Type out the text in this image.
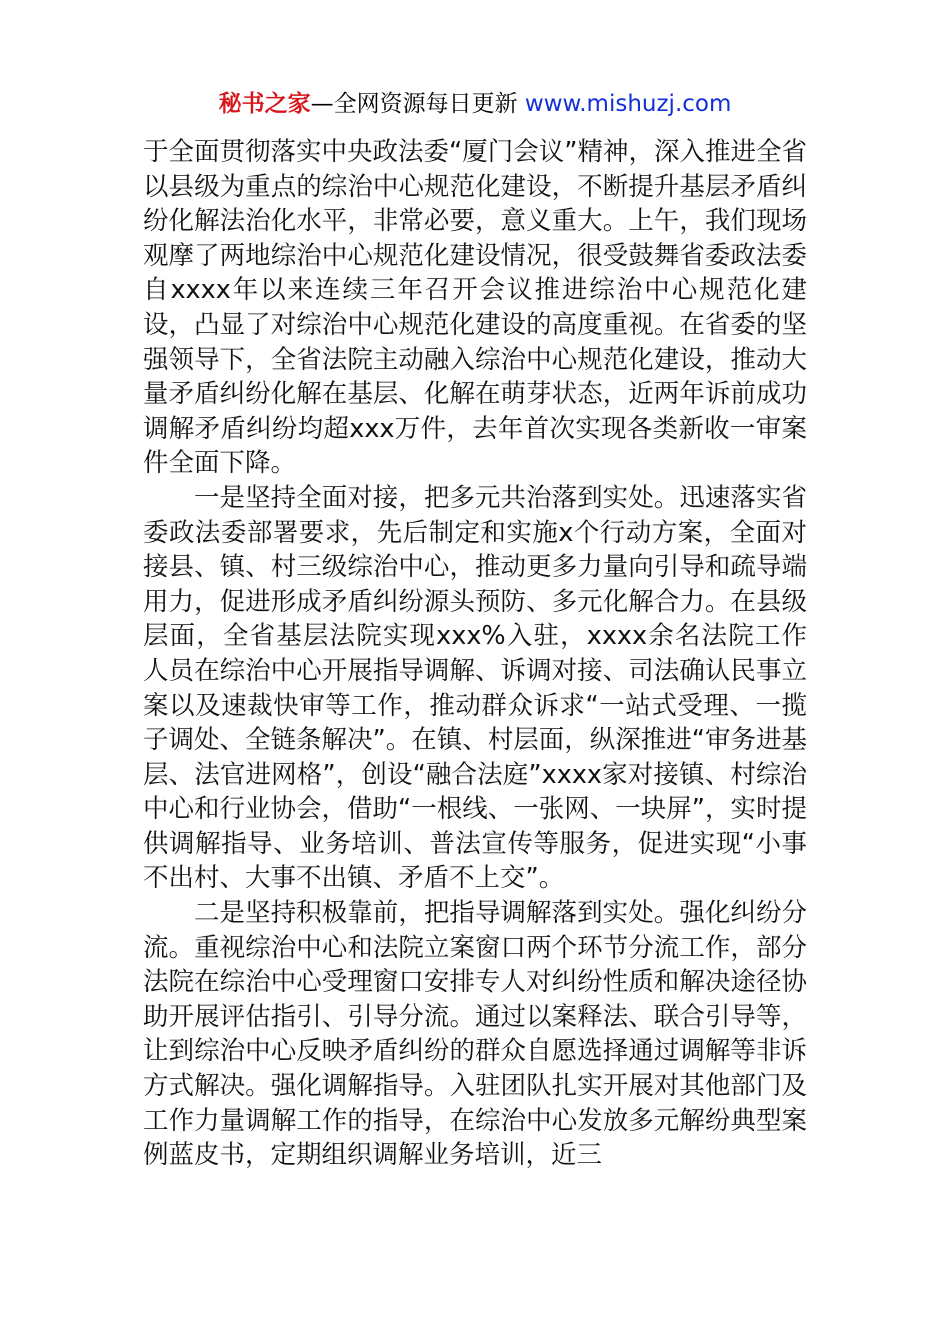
秘书之家—全网资源每日更新 www.mishuzj.com

于全面贯彻落实中央政法委“厦门会议”精神，深入推进全省以县级为重点的综治中心规范化建设，不断提升基层矛盾纠纷化解法治化水平，非常必要，意义重大。上午，我们现场观摩了两地综治中心规范化建设情况，很受鼓舞省委政法委自xxxx年以来连续三年召开会议推进综治中心规范化建设，凸显了对综治中心规范化建设的高度重视。在省委的坚强领导下，全省法院主动融入综治中心规范化建设，推动大量矛盾纠纷化解在基层、化解在萌芽状态，近两年诉前成功调解矛盾纠纷均超xxx万件，去年首次实现各类新收一审案件全面下降。

一是坚持全面对接，把多元共治落到实处。迅速落实省委政法委部署要求，先后制定和实施x个行动方案，全面对接县、镇、村三级综治中心，推动更多力量向引导和疏导端用力，促进形成矛盾纠纷源头预防、多元化解合力。在县级层面，全省基层法院实现xxx%入驻，xxxx余名法院工作人员在综治中心开展指导调解、诉调对接、司法确认民事立案以及速裁快审等工作，推动群众诉求“一站式受理、一揽子调处、全链条解决”。在镇、村层面，纵深推进“审务进基层、法官进网格”，创设“融合法庭”xxxx家对接镇、村综治中心和行业协会，借助“一根线、一张网、一块屏”，实时提供调解指导、业务培训、普法宣传等服务，促进实现“小事不出村、大事不出镇、矛盾不上交”。

二是坚持积极靠前，把指导调解落到实处。强化纠纷分流。重视综治中心和法院立案窗口两个环节分流工作，部分法院在综治中心受理窗口安排专人对纠纷性质和解决途径协助开展评估指引、引导分流。通过以案释法、联合引导等，让到综治中心反映矛盾纠纷的群众自愿选择通过调解等非诉方式解决。强化调解指导。入驻团队扎实开展对其他部门及工作力量调解工作的指导，在综治中心发放多元解纷典型案例蓝皮书，定期组织调解业务培训，近三
